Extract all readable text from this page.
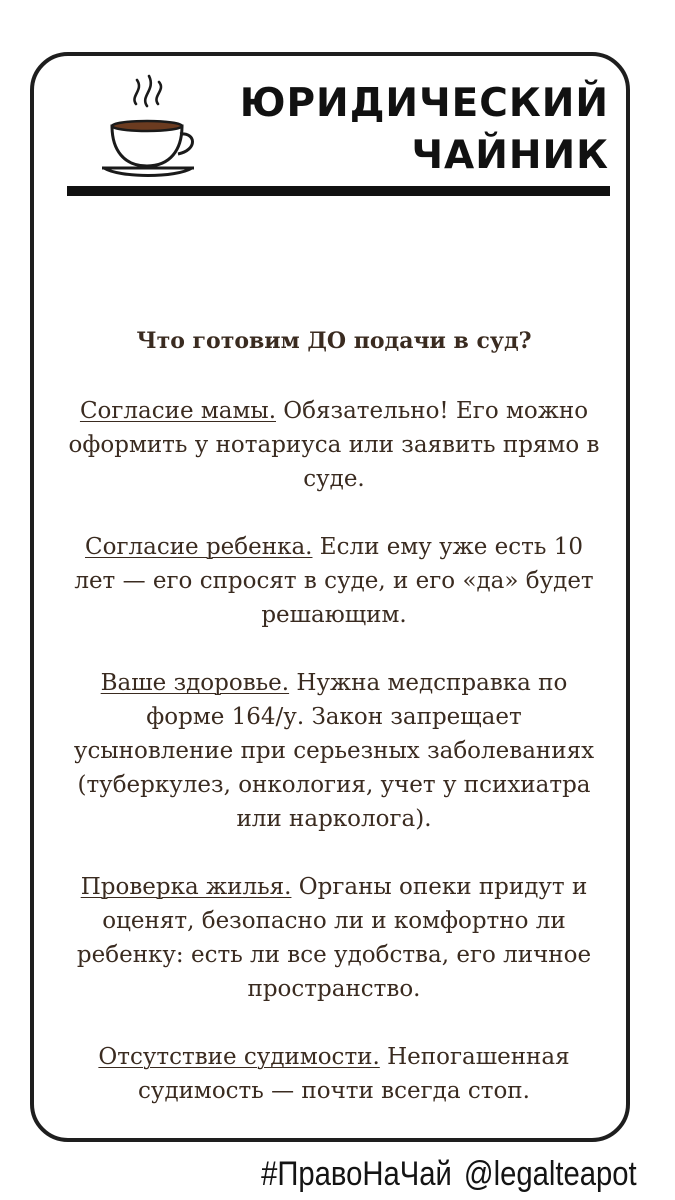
ЮРИДИЧЕСКИЙ
ЧАЙНИК
Что готовим ДО подачи в суд?
Согласие мамы. Обязательно! Его можно оформить у нотариуса или заявить прямо в суде.
Согласие ребенка. Если ему уже есть 10 лет — его спросят в суде, и его «да» будет решающим.
Ваше здоровье. Нужна медсправка по форме 164/у. Закон запрещает усыновление при серьезных заболеваниях (туберкулез, онкология, учет у психиатра или нарколога).
Проверка жилья. Органы опеки придут и оценят, безопасно ли и комфортно ли ребенку: есть ли все удобства, его личное пространство.
Отсутствие судимости. Непогашенная судимость — почти всегда стоп.
#ПравоНаЧай @legalteapot
